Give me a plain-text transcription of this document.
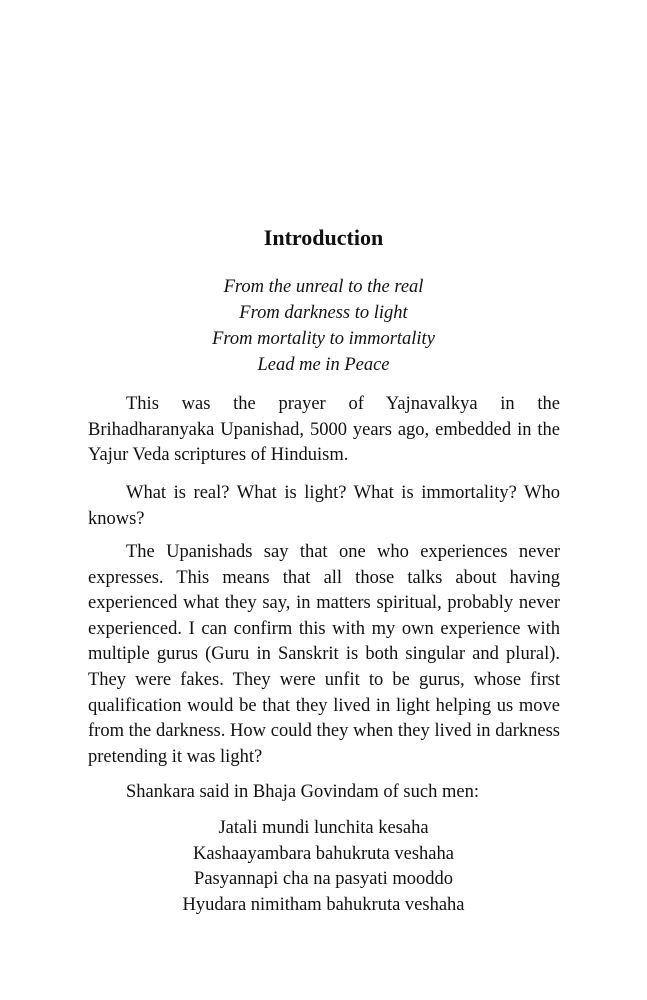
Introduction
From the unreal to the real
From darkness to light
From mortality to immortality
Lead me in Peace

This was the prayer of Yajnavalkya in the Brihadharanyaka Upanishad, 5000 years ago, embedded in the Yajur Veda scriptures of Hinduism.

What is real? What is light? What is immortality? Who knows?

The Upanishads say that one who experiences never expresses. This means that all those talks about having experienced what they say, in matters spiritual, probably never experienced. I can confirm this with my own experience with multiple gurus (Guru in Sanskrit is both singular and plural). They were fakes. They were unfit to be gurus, whose first qualification would be that they lived in light helping us move from the darkness. How could they when they lived in darkness pretending it was light?

Shankara said in Bhaja Govindam of such men:

Jatali mundi lunchita kesaha
Kashaayambara bahukruta veshaha
Pasyannapi cha na pasyati mooddo
Hyudara nimitham bahukruta veshaha
